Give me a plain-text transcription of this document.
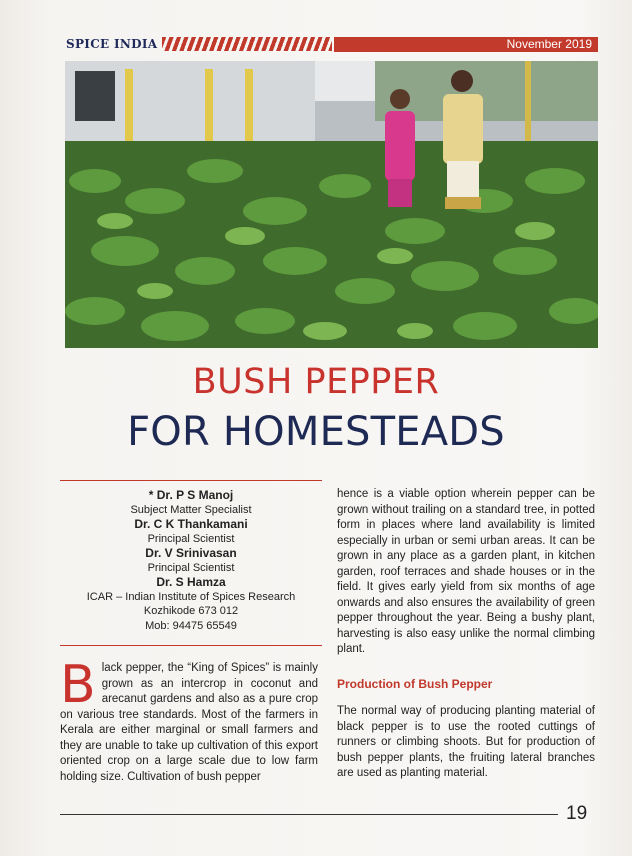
SPICE INDIA	November 2019
BUSH PEPPER
FOR HOMESTEADS
* Dr. P S Manoj
Subject Matter Specialist
Dr. C K Thankamani
Principal Scientist
Dr. V Srinivasan
Principal Scientist
Dr. S Hamza
ICAR – Indian Institute of Spices Research
Kozhikode 673 012
Mob: 94475 65549
B lack pepper, the “King of Spices” is mainly grown as an intercrop in coconut and arecanut gardens and also as a pure crop on various tree standards. Most of the farmers in Kerala are either marginal or small farmers and they are unable to take up cultivation of this export oriented crop on a large scale due to low farm holding size. Cultivation of bush pepper

hence is a viable option wherein pepper can be grown without trailing on a standard tree, in potted form in places where land availability is limited especially in urban or semi urban areas. It can be grown in any place as a garden plant, in kitchen garden, roof terraces and shade houses or in the field. It gives early yield from six months of age onwards and also ensures the availability of green pepper throughout the year. Being a bushy plant, harvesting is also easy unlike the normal climbing plant.

Production of Bush Pepper
The normal way of producing planting material of black pepper is to use the rooted cuttings of runners or climbing shoots. But for production of bush pepper plants, the fruiting lateral branches are used as planting material.
19
